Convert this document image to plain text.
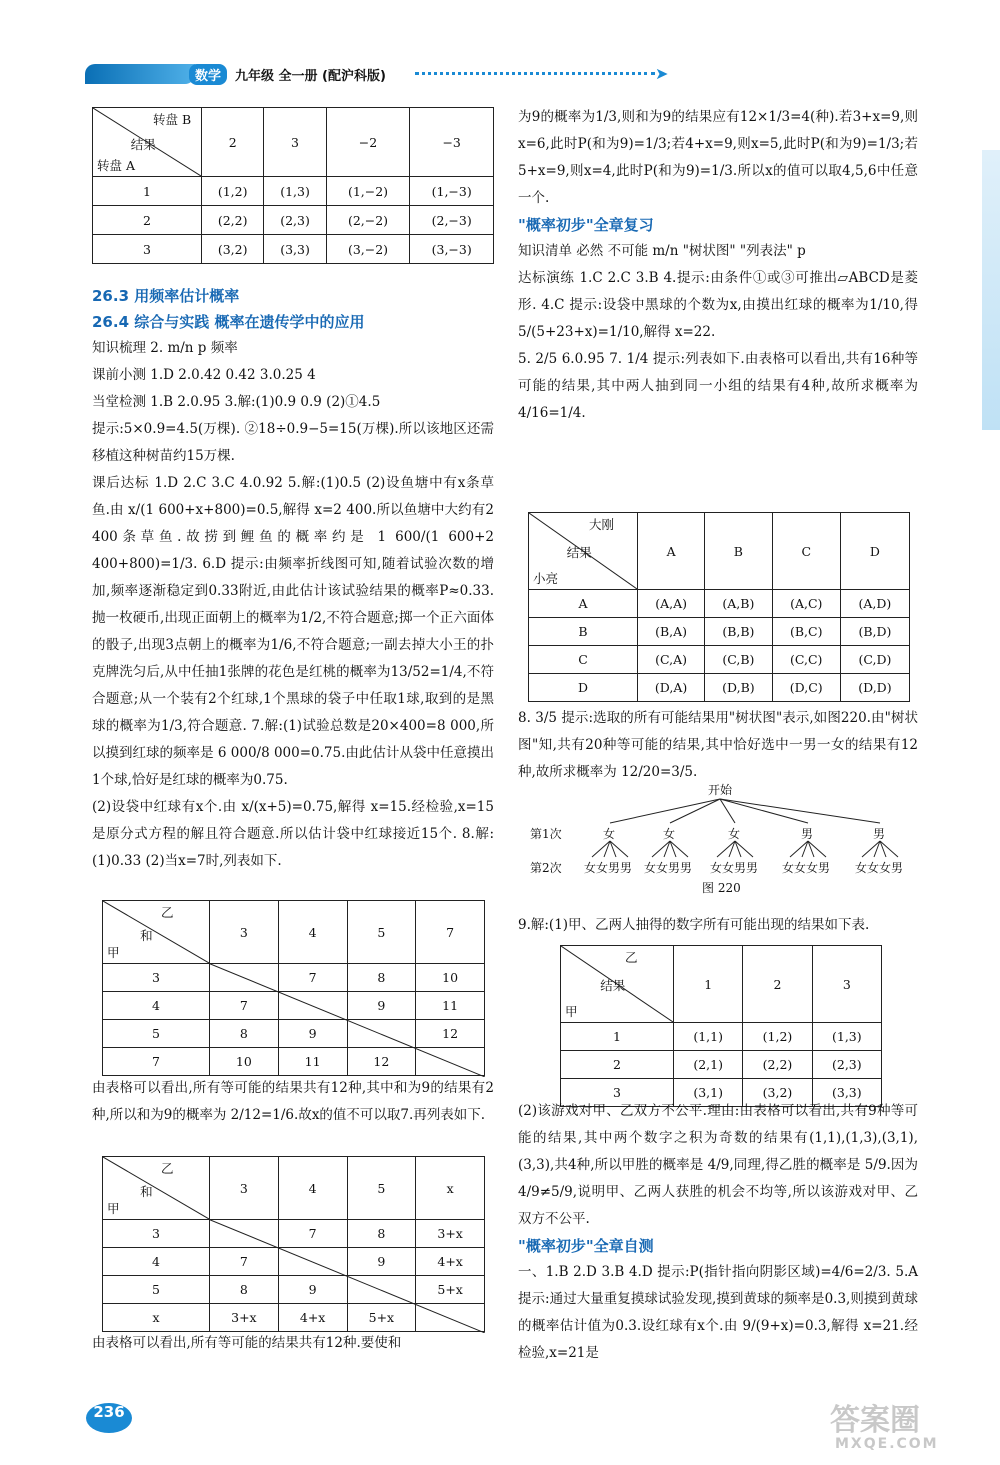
数学	九年级 全一册 (配沪科版)	➤
转盘 B
结果
转盘 A	2	3	−2	−3
1	(1,2)	(1,3)	(1,−2)	(1,−3)
2	(2,2)	(2,3)	(2,−2)	(2,−3)
3	(3,2)	(3,3)	(3,−2)	(3,−3)

26.3 用频率估计概率

26.4 综合与实践 概率在遗传学中的应用

知识梳理 2. m/n p 频率

课前小测 1.D 2.0.42 0.42 3.0.25 4

当堂检测 1.B 2.0.95 3.解:(1)0.9 0.9 (2)①4.5

提示:5×0.9=4.5(万棵). ②18÷0.9−5=15(万棵).所以该地区还需移植这种树苗约15万棵.

课后达标 1.D 2.C 3.C 4.0.92 5.解:(1)0.5 (2)设鱼塘中有x条草鱼.由 x/(1 600+x+800)=0.5,解得 x=2 400.所以鱼塘中大约有2 400条草鱼.故捞到鲤鱼的概率约是 1 600/(1 600+2 400+800)=1/3. 6.D 提示:由频率折线图可知,随着试验次数的增加,频率逐渐稳定到0.33附近,由此估计该试验结果的概率P≈0.33.抛一枚硬币,出现正面朝上的概率为1/2,不符合题意;掷一个正六面体的骰子,出现3点朝上的概率为1/6,不符合题意;一副去掉大小王的扑克牌洗匀后,从中任抽1张牌的花色是红桃的概率为13/52=1/4,不符合题意;从一个装有2个红球,1个黑球的袋子中任取1球,取到的是黑球的概率为1/3,符合题意. 7.解:(1)试验总数是20×400=8 000,所以摸到红球的频率是 6 000/8 000=0.75.由此估计从袋中任意摸出1个球,恰好是红球的概率为0.75.

(2)设袋中红球有x个.由 x/(x+5)=0.75,解得 x=15.经检验,x=15是原分式方程的解且符合题意.所以估计袋中红球接近15个. 8.解:(1)0.33 (2)当x=7时,列表如下.

乙
和
甲	3	4	5	7
3		7	8	10
4	7		9	11
5	8	9		12
7	10	11	12	

由表格可以看出,所有等可能的结果共有12种,其中和为9的结果有2种,所以和为9的概率为 2/12=1/6.故x的值不可以取7.再列表如下.

乙
和
甲	3	4	5	x
3		7	8	3+x
4	7		9	4+x
5	8	9		5+x
x	3+x	4+x	5+x	

由表格可以看出,所有等可能的结果共有12种.要使和

为9的概率为1/3,则和为9的结果应有12×1/3=4(种).若3+x=9,则x=6,此时P(和为9)=1/3;若4+x=9,则x=5,此时P(和为9)=1/3;若5+x=9,则x=4,此时P(和为9)=1/3.所以x的值可以取4,5,6中任意一个.

"概率初步"全章复习

知识清单 必然 不可能 m/n "树状图" "列表法" p

达标演练 1.C 2.C 3.B 4.提示:由条件①或③可推出▱ABCD是菱形. 4.C 提示:设袋中黑球的个数为x,由摸出红球的概率为1/10,得 5/(5+23+x)=1/10,解得 x=22.

5. 2/5 6.0.95 7. 1/4 提示:列表如下.由表格可以看出,共有16种等可能的结果,其中两人抽到同一小组的结果有4种,故所求概率为 4/16=1/4.

大刚
结果
小亮	A	B	C	D
A	(A,A)	(A,B)	(A,C)	(A,D)
B	(B,A)	(B,B)	(B,C)	(B,D)
C	(C,A)	(C,B)	(C,C)	(C,D)
D	(D,A)	(D,B)	(D,C)	(D,D)

8. 3/5 提示:选取的所有可能结果用"树状图"表示,如图220.由"树状图"知,共有20种等可能的结果,其中恰好选中一男一女的结果有12种,故所求概率为 12/20=3/5.

开始
第1次
第2次
女	女	女	男	男
女女男男 女女男男 女女男男 女女女男 女女女男
图 220

9.解:(1)甲、乙两人抽得的数字所有可能出现的结果如下表.

乙
结果
甲	1	2	3
1	(1,1)	(1,2)	(1,3)
2	(2,1)	(2,2)	(2,3)
3	(3,1)	(3,2)	(3,3)

(2)该游戏对甲、乙双方不公平.理由:由表格可以看出,共有9种等可能的结果,其中两个数字之积为奇数的结果有(1,1),(1,3),(3,1),(3,3),共4种,所以甲胜的概率是 4/9,同理,得乙胜的概率是 5/9.因为 4/9≠5/9,说明甲、乙两人获胜的机会不均等,所以该游戏对甲、乙双方不公平.

"概率初步"全章自测

一、1.B 2.D 3.B 4.D 提示:P(指针指向阴影区域)=4/6=2/3. 5.A 提示:通过大量重复摸球试验发现,摸到黄球的频率是0.3,则摸到黄球的概率估计值为0.3.设红球有x个.由 9/(9+x)=0.3,解得 x=21.经检验,x=21是

236	答案圈
MXQE.COM
